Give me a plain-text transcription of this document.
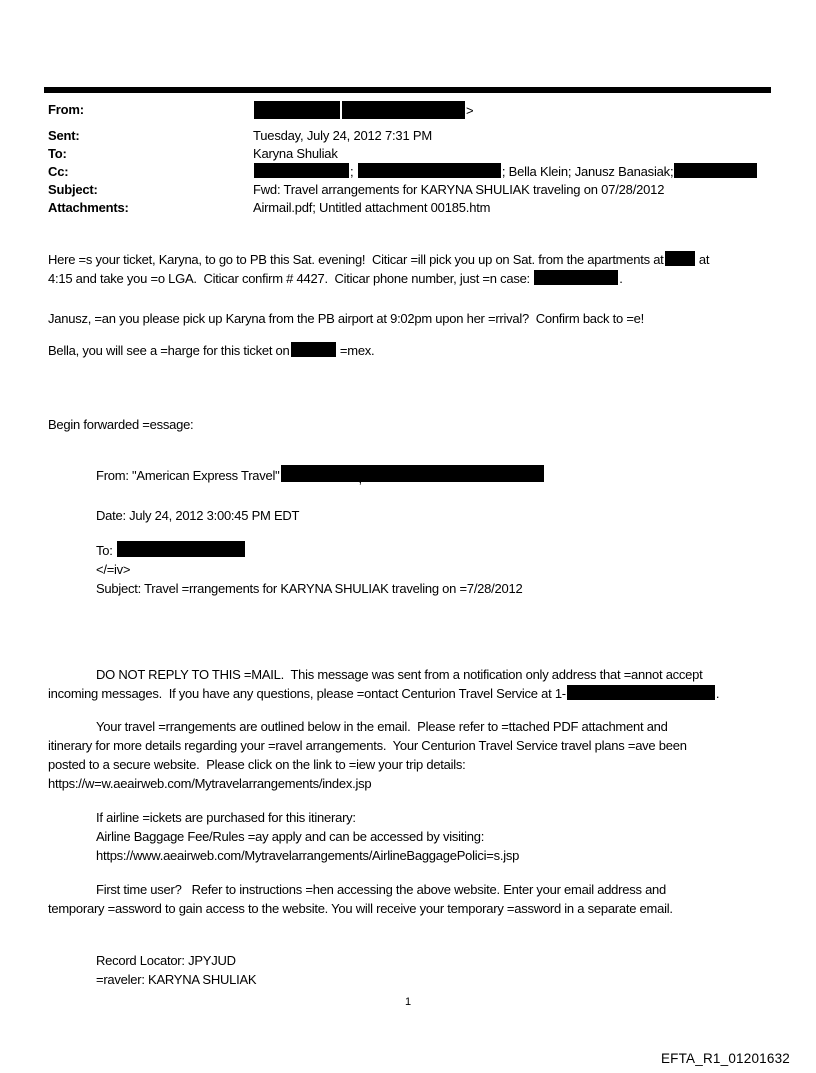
From:	>
Sent:	Tuesday, July 24, 2012 7:31 PM
To:	Karyna Shuliak
Cc:	;	; Bella Klein; Janusz Banasiak;
Subject:	Fwd: Travel arrangements for KARYNA SHULIAK traveling on 07/28/2012
Attachments:	Airmail.pdf; Untitled attachment 00185.htm
Here =s your ticket, Karyna, to go to PB this Sat. evening!  Citicar =ill pick you up on Sat. from the apartments at at
4:15 and take you =o LGA.  Citicar confirm # 4427.  Citicar phone number, just =n case:	.
Janusz, =an you please pick up Karyna from the PB airport at 9:02pm upon her =rrival?  Confirm back to =e!
Bella, you will see a =harge for this ticket on	=mex.
Begin forwarded =essage:
From: "American Express Travel"	,
Date: July 24, 2012 3:00:45 PM EDT
To:
</=iv>
Subject: Travel =rrangements for KARYNA SHULIAK traveling on =7/28/2012
DO NOT REPLY TO THIS =MAIL.  This message was sent from a notification only address that =annot accept
incoming messages.  If you have any questions, please =ontact Centurion Travel Service at 1-	.
Your travel =rrangements are outlined below in the email.  Please refer to =ttached PDF attachment and
itinerary for more details regarding your =ravel arrangements.  Your Centurion Travel Service travel plans =ave been
posted to a secure website.  Please click on the link to =iew your trip details:
https://w=w.aeairweb.com/Mytravelarrangements/index.jsp
If airline =ickets are purchased for this itinerary:
Airline Baggage Fee/Rules =ay apply and can be accessed by visiting:
https://www.aeairweb.com/Mytravelarrangements/AirlineBaggagePolici=s.jsp
First time user?   Refer to instructions =hen accessing the above website. Enter your email address and
temporary =assword to gain access to the website. You will receive your temporary =assword in a separate email.
Record Locator: JPYJUD
=raveler: KARYNA SHULIAK
1
EFTA_R1_01201632
